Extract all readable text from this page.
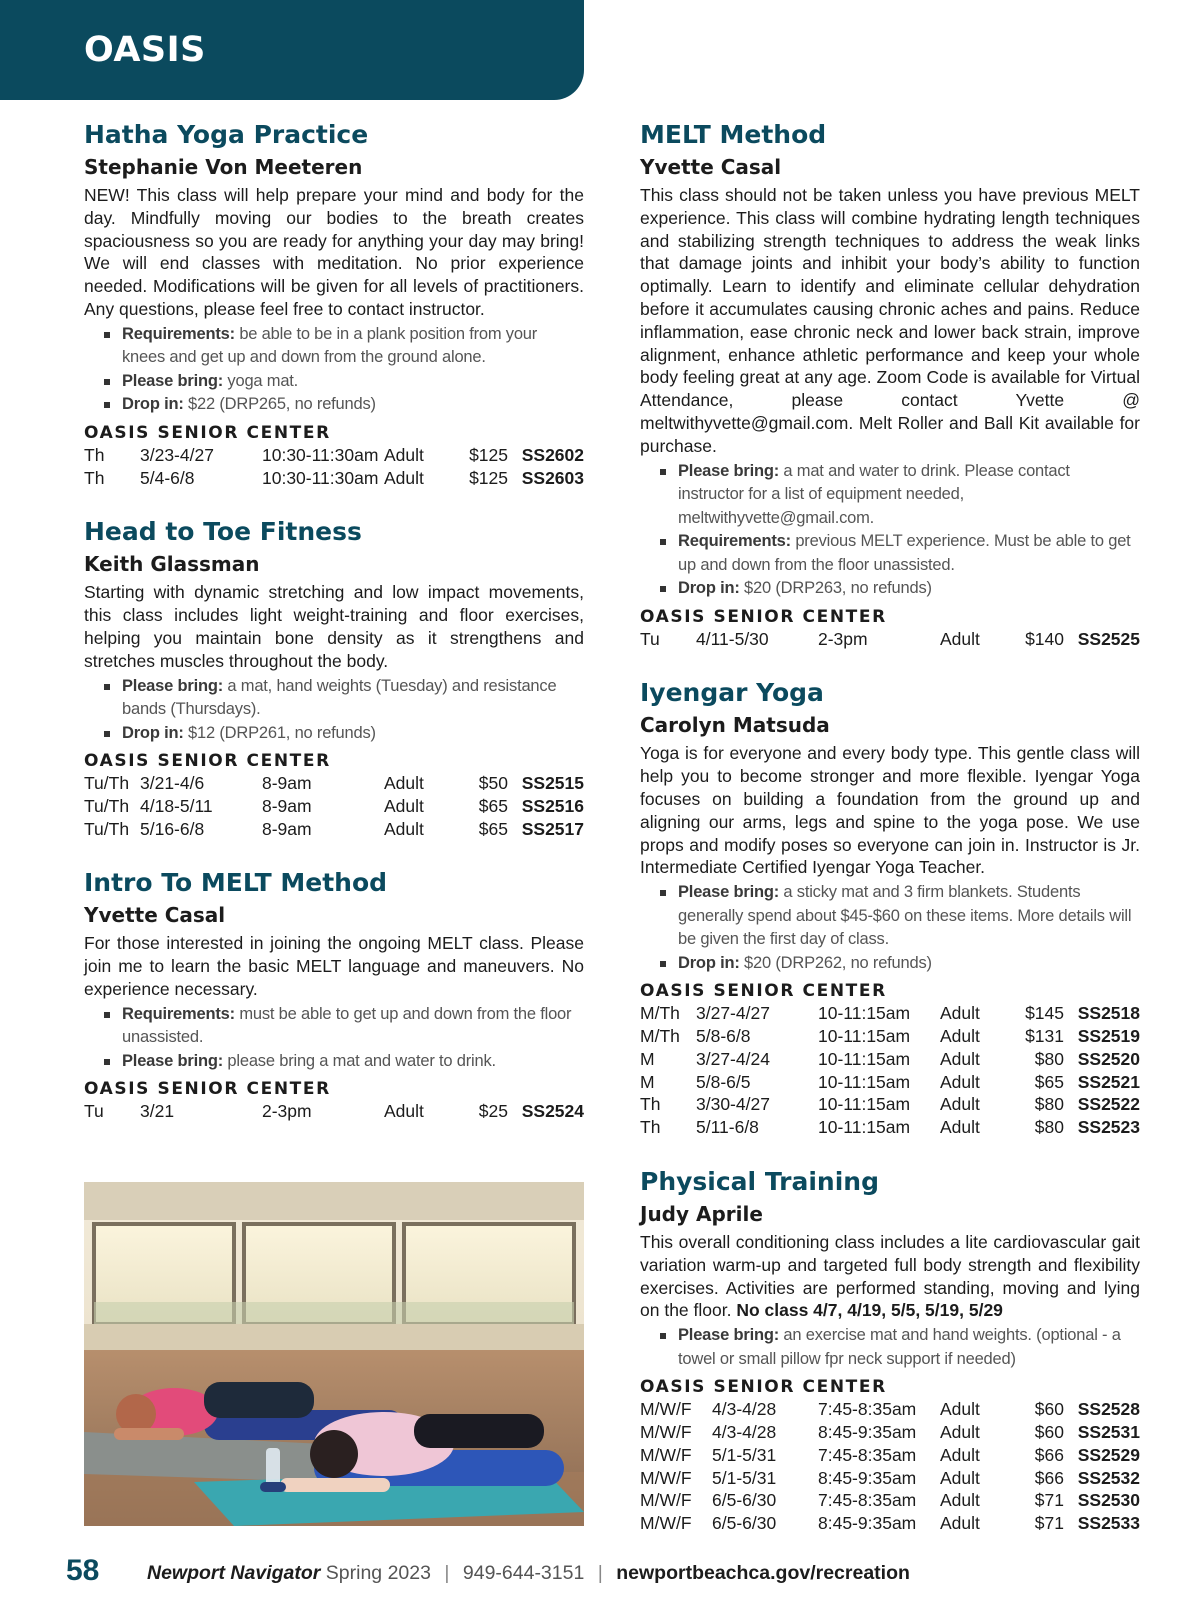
OASIS
Hatha Yoga Practice
Stephanie Von Meeteren
NEW! This class will help prepare your mind and body for the day. Mindfully moving our bodies to the breath creates spaciousness so you are ready for anything your day may bring! We will end classes with meditation. No prior experience needed. Modifications will be given for all levels of practitioners. Any questions, please feel free to contact instructor.
Requirements: be able to be in a plank position from your knees and get up and down from the ground alone.
Please bring: yoga mat.
Drop in: $22 (DRP265, no refunds)
OASIS SENIOR CENTER
Th	3/23-4/27	10:30-11:30am	Adult	$125	SS2602
Th	5/4-6/8	10:30-11:30am	Adult	$125	SS2603
Head to Toe Fitness
Keith Glassman
Starting with dynamic stretching and low impact movements, this class includes light weight-training and floor exercises, helping you maintain bone density as it strengthens and stretches muscles throughout the body.
Please bring: a mat, hand weights (Tuesday) and resistance bands (Thursdays).
Drop in: $12 (DRP261, no refunds)
OASIS SENIOR CENTER
Tu/Th	3/21-4/6	8-9am	Adult	$50	SS2515
Tu/Th	4/18-5/11	8-9am	Adult	$65	SS2516
Tu/Th	5/16-6/8	8-9am	Adult	$65	SS2517
Intro To MELT Method
Yvette Casal
For those interested in joining the ongoing MELT class. Please join me to learn the basic MELT language and maneuvers. No experience necessary.
Requirements: must be able to get up and down from the floor unassisted.
Please bring: please bring a mat and water to drink.
OASIS SENIOR CENTER
Tu	3/21	2-3pm	Adult	$25	SS2524
MELT Method
Yvette Casal
This class should not be taken unless you have previous MELT experience. This class will combine hydrating length techniques and stabilizing strength techniques to address the weak links that damage joints and inhibit your body’s ability to function optimally. Learn to identify and eliminate cellular dehydration before it accumulates causing chronic aches and pains. Reduce inflammation, ease chronic neck and lower back strain, improve alignment, enhance athletic performance and keep your whole body feeling great at any age. Zoom Code is available for Virtual Attendance, please contact Yvette @ meltwithyvette@gmail.com. Melt Roller and Ball Kit available for purchase.
Please bring: a mat and water to drink. Please contact instructor for a list of equipment needed, meltwithyvette@gmail.com.
Requirements: previous MELT experience. Must be able to get up and down from the floor unassisted.
Drop in: $20 (DRP263, no refunds)
OASIS SENIOR CENTER
Tu	4/11-5/30	2-3pm	Adult	$140	SS2525
Iyengar Yoga
Carolyn Matsuda
Yoga is for everyone and every body type. This gentle class will help you to become stronger and more flexible. Iyengar Yoga focuses on building a foundation from the ground up and aligning our arms, legs and spine to the yoga pose. We use props and modify poses so everyone can join in. Instructor is Jr. Intermediate Certified Iyengar Yoga Teacher.
Please bring: a sticky mat and 3 firm blankets. Students generally spend about $45-$60 on these items. More details will be given the first day of class.
Drop in: $20 (DRP262, no refunds)
OASIS SENIOR CENTER
M/Th	3/27-4/27	10-11:15am	Adult	$145	SS2518
M/Th	5/8-6/8	10-11:15am	Adult	$131	SS2519
M	3/27-4/24	10-11:15am	Adult	$80	SS2520
M	5/8-6/5	10-11:15am	Adult	$65	SS2521
Th	3/30-4/27	10-11:15am	Adult	$80	SS2522
Th	5/11-6/8	10-11:15am	Adult	$80	SS2523
Physical Training
Judy Aprile
This overall conditioning class includes a lite cardiovascular gait variation warm-up and targeted full body strength and flexibility exercises. Activities are performed standing, moving and lying on the floor. No class 4/7, 4/19, 5/5, 5/19, 5/29
Please bring: an exercise mat and hand weights. (optional - a towel or small pillow fpr neck support if needed)
OASIS SENIOR CENTER
M/W/F	4/3-4/28	7:45-8:35am	Adult	$60	SS2528
M/W/F	4/3-4/28	8:45-9:35am	Adult	$60	SS2531
M/W/F	5/1-5/31	7:45-8:35am	Adult	$66	SS2529
M/W/F	5/1-5/31	8:45-9:35am	Adult	$66	SS2532
M/W/F	6/5-6/30	7:45-8:35am	Adult	$71	SS2530
M/W/F	6/5-6/30	8:45-9:35am	Adult	$71	SS2533
58 Newport Navigator Spring 2023 | 949-644-3151 | newportbeachca.gov/recreation
